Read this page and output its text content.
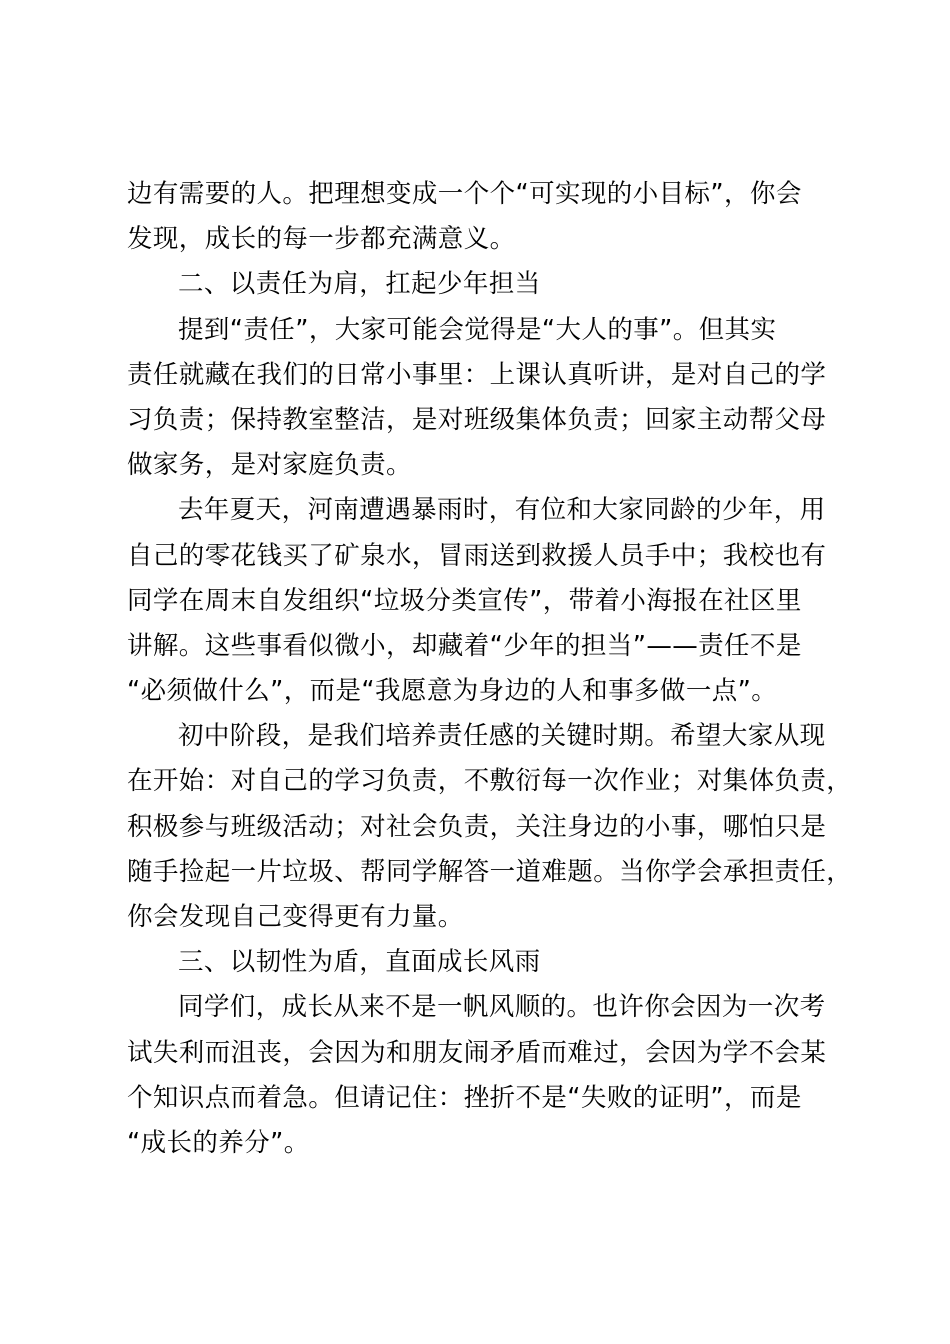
边有需要的人。把理想变成一个个“可实现的小目标”，你会
发现，成长的每一步都充满意义。
二、以责任为肩，扛起少年担当
提到“责任”，大家可能会觉得是“大人的事”。但其实
责任就藏在我们的日常小事里：上课认真听讲，是对自己的学
习负责；保持教室整洁，是对班级集体负责；回家主动帮父母
做家务，是对家庭负责。
去年夏天，河南遭遇暴雨时，有位和大家同龄的少年，用
自己的零花钱买了矿泉水，冒雨送到救援人员手中；我校也有
同学在周末自发组织“垃圾分类宣传”，带着小海报在社区里
讲解。这些事看似微小，却藏着“少年的担当”——责任不是
“必须做什么”，而是“我愿意为身边的人和事多做一点”。
初中阶段，是我们培养责任感的关键时期。希望大家从现
在开始：对自己的学习负责，不敷衍每一次作业；对集体负责，
积极参与班级活动；对社会负责，关注身边的小事，哪怕只是
随手捡起一片垃圾、帮同学解答一道难题。当你学会承担责任，
你会发现自己变得更有力量。
三、以韧性为盾，直面成长风雨
同学们，成长从来不是一帆风顺的。也许你会因为一次考
试失利而沮丧，会因为和朋友闹矛盾而难过，会因为学不会某
个知识点而着急。但请记住：挫折不是“失败的证明”，而是
“成长的养分”。
